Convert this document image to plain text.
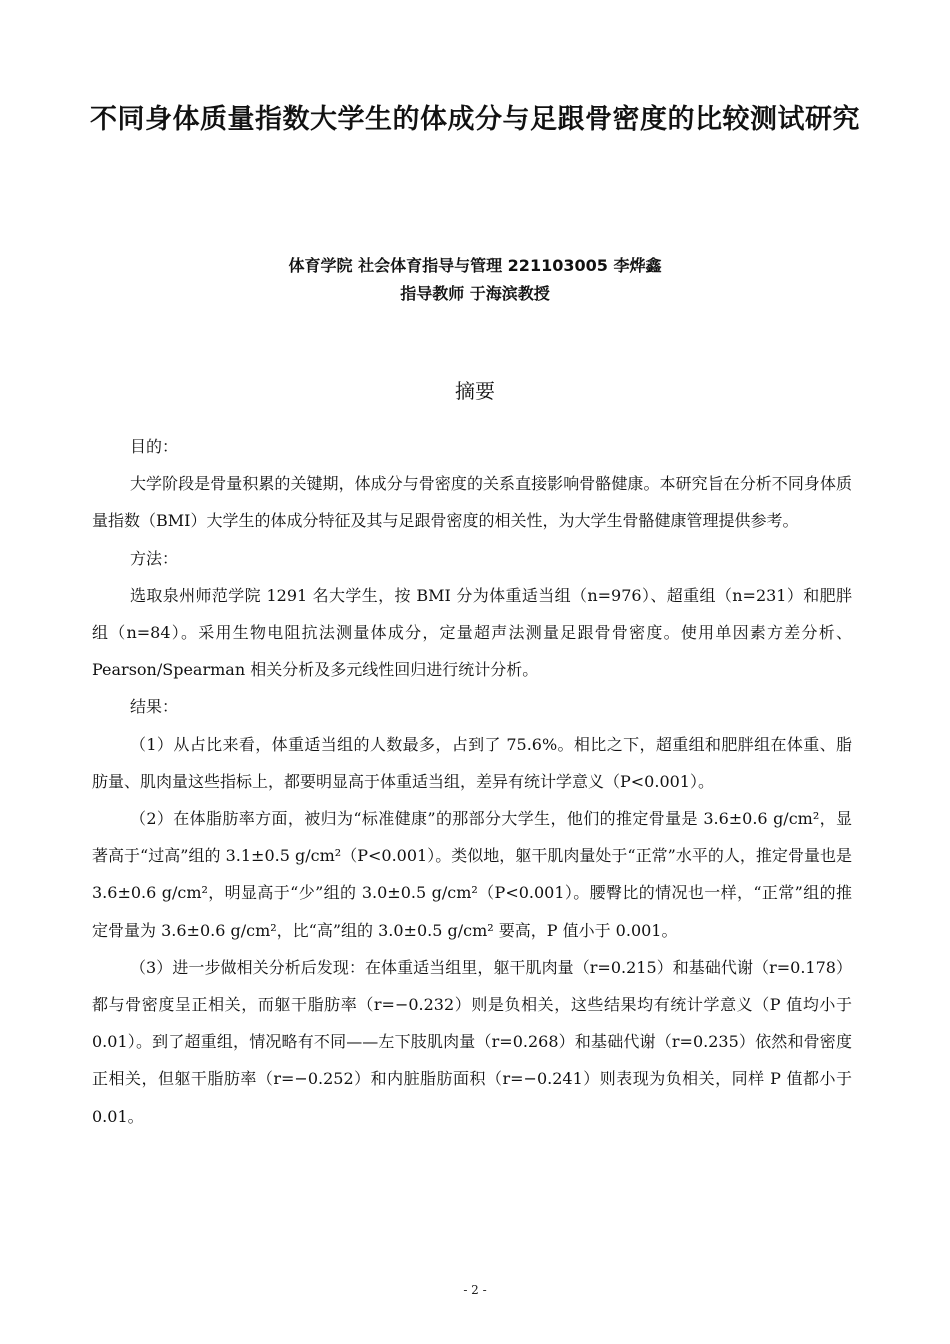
不同身体质量指数大学生的体成分与足跟骨密度的比较测试研究
体育学院 社会体育指导与管理 221103005 李烨鑫
指导教师 于海滨教授
摘要

目的：

大学阶段是骨量积累的关键期，体成分与骨密度的关系直接影响骨骼健康。本研究旨在分析不同身体质量指数（BMI）大学生的体成分特征及其与足跟骨密度的相关性，为大学生骨骼健康管理提供参考。

方法：

选取泉州师范学院 1291 名大学生，按 BMI 分为体重适当组（n=976）、超重组（n=231）和肥胖组（n=84）。采用生物电阻抗法测量体成分，定量超声法测量足跟骨骨密度。使用单因素方差分析、Pearson/Spearman 相关分析及多元线性回归进行统计分析。

结果：

（1）从占比来看，体重适当组的人数最多，占到了 75.6%。相比之下，超重组和肥胖组在体重、脂肪量、肌肉量这些指标上，都要明显高于体重适当组，差异有统计学意义（P<0.001）。

（2）在体脂肪率方面，被归为“标准健康”的那部分大学生，他们的推定骨量是 3.6±0.6 g/cm²，显著高于“过高”组的 3.1±0.5 g/cm²（P<0.001）。类似地，躯干肌肉量处于“正常”水平的人，推定骨量也是 3.6±0.6 g/cm²，明显高于“少”组的 3.0±0.5 g/cm²（P<0.001）。腰臀比的情况也一样，“正常”组的推定骨量为 3.6±0.6 g/cm²，比“高”组的 3.0±0.5 g/cm² 要高，P 值小于 0.001。

（3）进一步做相关分析后发现：在体重适当组里，躯干肌肉量（r=0.215）和基础代谢（r=0.178）都与骨密度呈正相关，而躯干脂肪率（r=−0.232）则是负相关，这些结果均有统计学意义（P 值均小于 0.01）。到了超重组，情况略有不同——左下肢肌肉量（r=0.268）和基础代谢（r=0.235）依然和骨密度正相关，但躯干脂肪率（r=−0.252）和内脏脂肪面积（r=−0.241）则表现为负相关，同样 P 值都小于 0.01。

- 2 -
